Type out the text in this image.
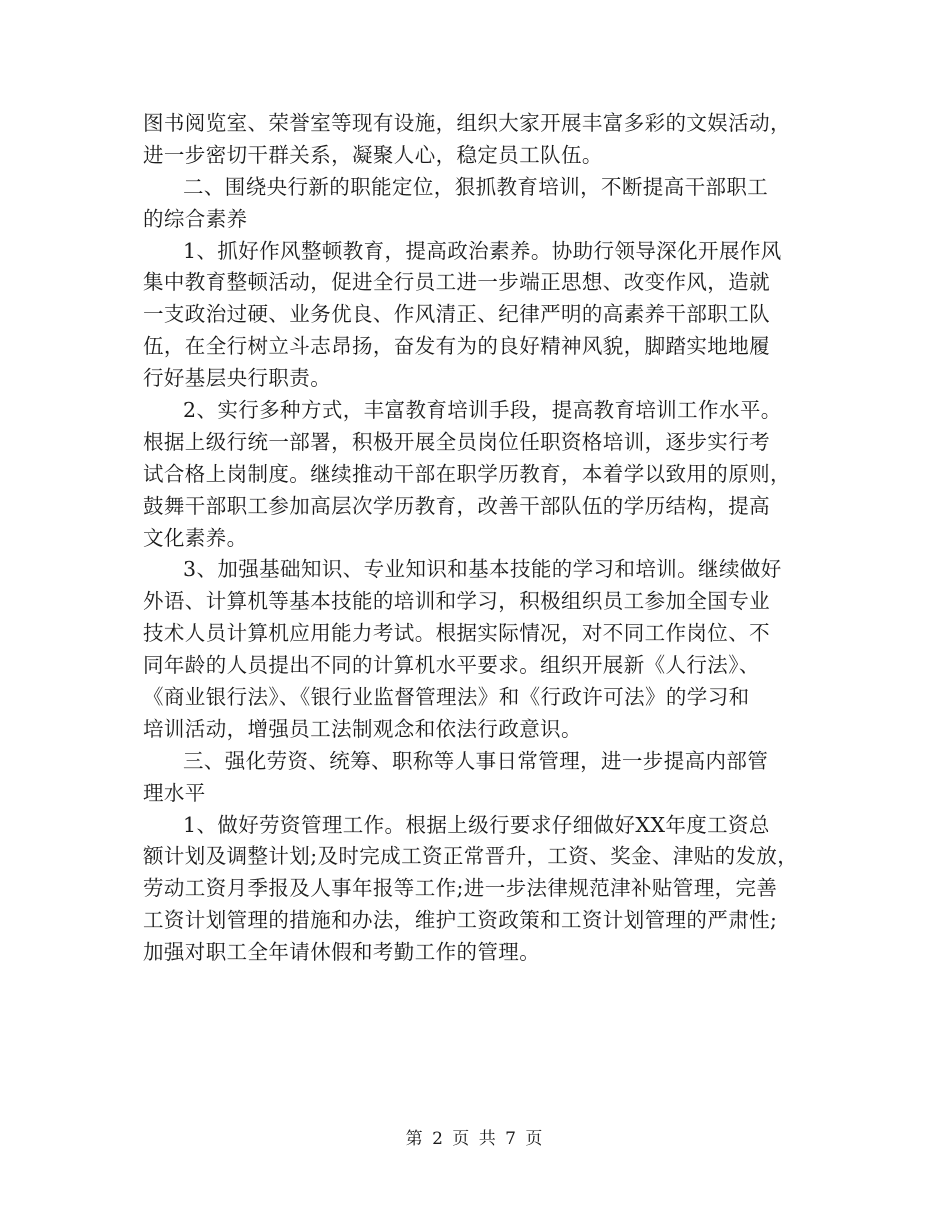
图书阅览室、荣誉室等现有设施，组织大家开展丰富多彩的文娱活动，
进一步密切干群关系，凝聚人心，稳定员工队伍。
二、围绕央行新的职能定位，狠抓教育培训，不断提高干部职工
的综合素养
1、抓好作风整顿教育，提高政治素养。协助行领导深化开展作风
集中教育整顿活动，促进全行员工进一步端正思想、改变作风，造就
一支政治过硬、业务优良、作风清正、纪律严明的高素养干部职工队
伍，在全行树立斗志昂扬，奋发有为的良好精神风貌，脚踏实地地履
行好基层央行职责。
2、实行多种方式，丰富教育培训手段，提高教育培训工作水平。
根据上级行统一部署，积极开展全员岗位任职资格培训，逐步实行考
试合格上岗制度。继续推动干部在职学历教育，本着学以致用的原则，
鼓舞干部职工参加高层次学历教育，改善干部队伍的学历结构，提高
文化素养。
3、加强基础知识、专业知识和基本技能的学习和培训。继续做好
外语、计算机等基本技能的培训和学习，积极组织员工参加全国专业
技术人员计算机应用能力考试。根据实际情况，对不同工作岗位、不
同年龄的人员提出不同的计算机水平要求。组织开展新《人行法》、
《商业银行法》、《银行业监督管理法》和《行政许可法》的学习和
培训活动，增强员工法制观念和依法行政意识。
三、强化劳资、统筹、职称等人事日常管理，进一步提高内部管
理水平
1、做好劳资管理工作。根据上级行要求仔细做好XX年度工资总
额计划及调整计划;及时完成工资正常晋升，工资、奖金、津贴的发放，
劳动工资月季报及人事年报等工作;进一步法律规范津补贴管理，完善
工资计划管理的措施和办法，维护工资政策和工资计划管理的严肃性;
加强对职工全年请休假和考勤工作的管理。
第 2 页 共 7 页
